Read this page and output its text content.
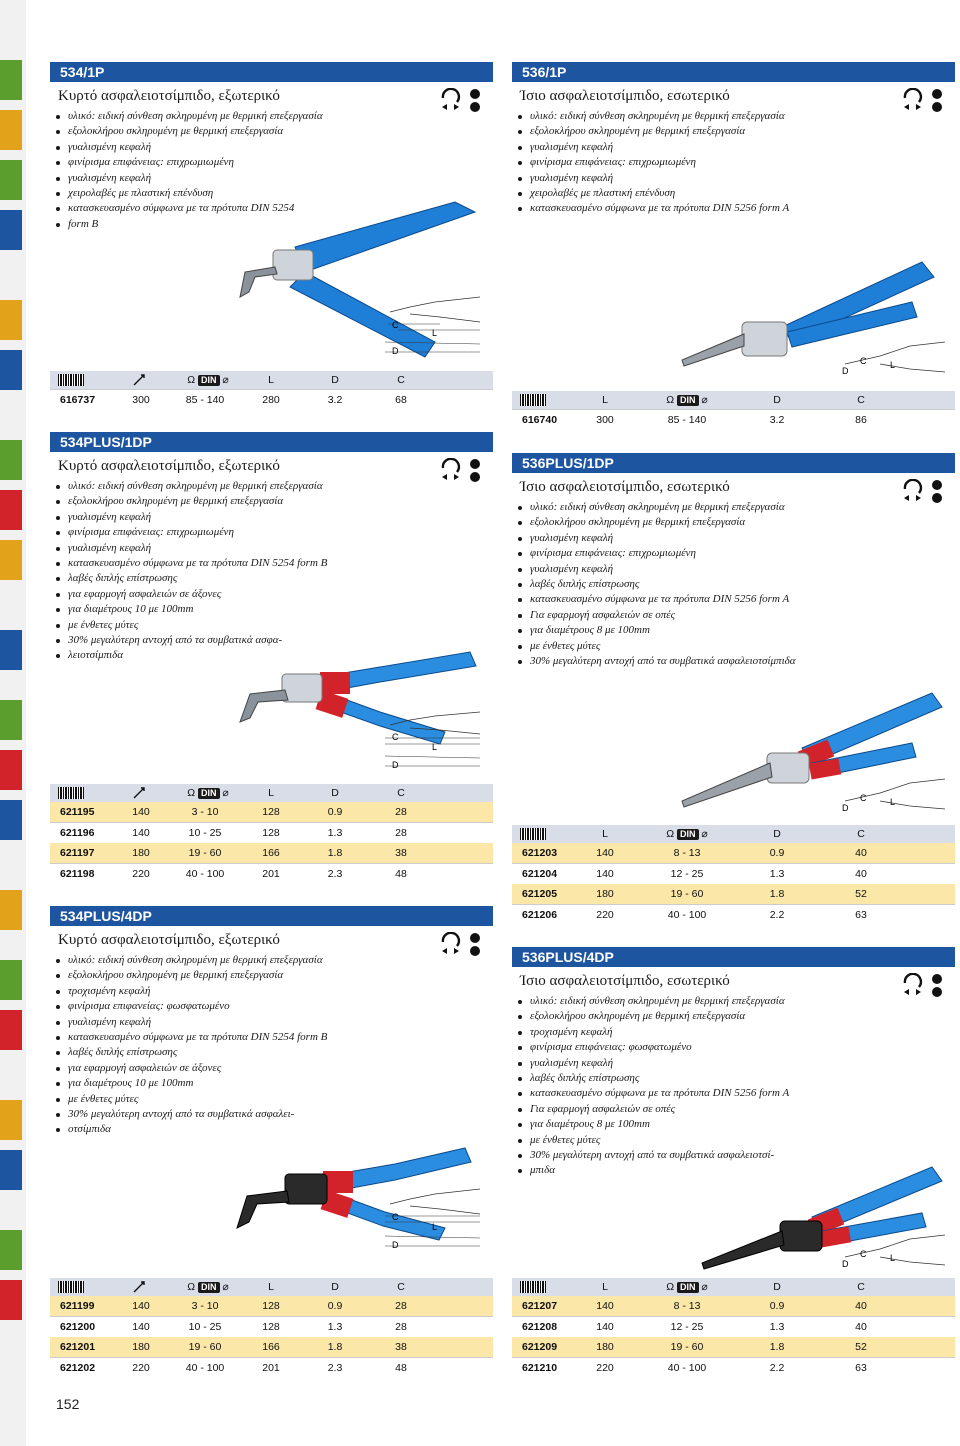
534/1P
Κυρτό ασφαλειοτσίμπιδο, εξωτερικό
υλικό: ειδική σύνθεση σκληρυμένη με θερμική επεξεργασία
εξολοκλήρου σκληρυμένη με θερμική επεξεργασία
γυαλισμένη κεφαλή
φινίρισμα επιφάνειας: επιχρωμιωμένη
γυαλισμένη κεφαλή
χειρολαβές με πλαστική επένδυση
κατασκευασμένο σύμφωνα με τα πρότυπα DIN 5254
form B
C
L
D
Ω DIN ⌀	L	D	C
616737	300	85 - 140	280	3.2	68
536/1P
Ίσιο ασφαλειοτσίμπιδο, εσωτερικό
υλικό: ειδική σύνθεση σκληρυμένη με θερμική επεξεργασία
εξολοκλήρου σκληρυμένη με θερμική επεξεργασία
γυαλισμένη κεφαλή
φινίρισμα επιφάνειας: επιχρωμιωμένη
γυαλισμένη κεφαλή
χειρολαβές με πλαστική επένδυση
κατασκευασμένο σύμφωνα με τα πρότυπα DIN 5256 form A
C	L
D
L	Ω DIN ⌀	D	C
616740	300	85 - 140	3.2	86
534PLUS/1DP
Κυρτό ασφαλειοτσίμπιδο, εξωτερικό
υλικό: ειδική σύνθεση σκληρυμένη με θερμική επεξεργασία
εξολοκλήρου σκληρυμένη με θερμική επεξεργασία
γυαλισμένη κεφαλή
φινίρισμα επιφάνειας: επιχρωμιωμένη
γυαλισμένη κεφαλή
κατασκευασμένο σύμφωνα με τα πρότυπα DIN 5254 form B
λαβές διπλής επίστρωσης
για εφαρμογή ασφαλειών σε άξονες
για διαμέτρους 10 με 100mm
με ένθετες μύτες
30% μεγαλύτερη αντοχή από τα συμβατικά ασφα-
λειοτσίμπιδα
C
L
D
Ω DIN ⌀	L	D	C
621195	140	3 - 10	128	0.9	28
621196	140	10 - 25	128	1.3	28
621197	180	19 - 60	166	1.8	38
621198	220	40 - 100	201	2.3	48
536PLUS/1DP
Ίσιο ασφαλειοτσίμπιδο, εσωτερικό
υλικό: ειδική σύνθεση σκληρυμένη με θερμική επεξεργασία
εξολοκλήρου σκληρυμένη με θερμική επεξεργασία
γυαλισμένη κεφαλή
φινίρισμα επιφάνειας: επιχρωμιωμένη
γυαλισμένη κεφαλή
λαβές διπλής επίστρωσης
κατασκευασμένο σύμφωνα με τα πρότυπα DIN 5256 form A
Για εφαρμογή ασφαλειών σε οπές
για διαμέτρους 8 με 100mm
με ένθετες μύτες
30% μεγαλύτερη αντοχή από τα συμβατικά ασφαλειοτσίμπιδα
C	L
D
L	Ω DIN ⌀	D	C
621203	140	8 - 13	0.9	40
621204	140	12 - 25	1.3	40
621205	180	19 - 60	1.8	52
621206	220	40 - 100	2.2	63
534PLUS/4DP
Κυρτό ασφαλειοτσίμπιδο, εξωτερικό
υλικό: ειδική σύνθεση σκληρυμένη με θερμική επεξεργασία
εξολοκλήρου σκληρυμένη με θερμική επεξεργασία
τροχισμένη κεφαλή
φινίρισμα επιφανείας: φωσφατωμένο
γυαλισμένη κεφαλή
κατασκευασμένο σύμφωνα με τα πρότυπα DIN 5254 form B
λαβές διπλής επίστρωσης
για εφαρμογή ασφαλειών σε άξονες
για διαμέτρους 10 με 100mm
με ένθετες μύτες
30% μεγαλύτερη αντοχή από τα συμβατικά ασφαλει-
οτσίμπιδα
C
L
D
Ω DIN ⌀	L	D	C
621199	140	3 - 10	128	0.9	28
621200	140	10 - 25	128	1.3	28
621201	180	19 - 60	166	1.8	38
621202	220	40 - 100	201	2.3	48
536PLUS/4DP
Ίσιο ασφαλειοτσίμπιδο, εσωτερικό
υλικό: ειδική σύνθεση σκληρυμένη με θερμική επεξεργασία
εξολοκλήρου σκληρυμένη με θερμική επεξεργασία
τροχισμένη κεφαλή
φινίρισμα επιφάνειας: φωσφατωμένο
γυαλισμένη κεφαλή
λαβές διπλής επίστρωσης
κατασκευασμένο σύμφωνα με τα πρότυπα DIN 5256 form A
Για εφαρμογή ασφαλειών σε οπές
για διαμέτρους 8 με 100mm
με ένθετες μύτες
30% μεγαλύτερη αντοχή από τα συμβατικά ασφαλειοτσί-
μπιδα
C	L
D
L	Ω DIN ⌀	D	C
621207	140	8 - 13	0.9	40
621208	140	12 - 25	1.3	40
621209	180	19 - 60	1.8	52
621210	220	40 - 100	2.2	63
152
